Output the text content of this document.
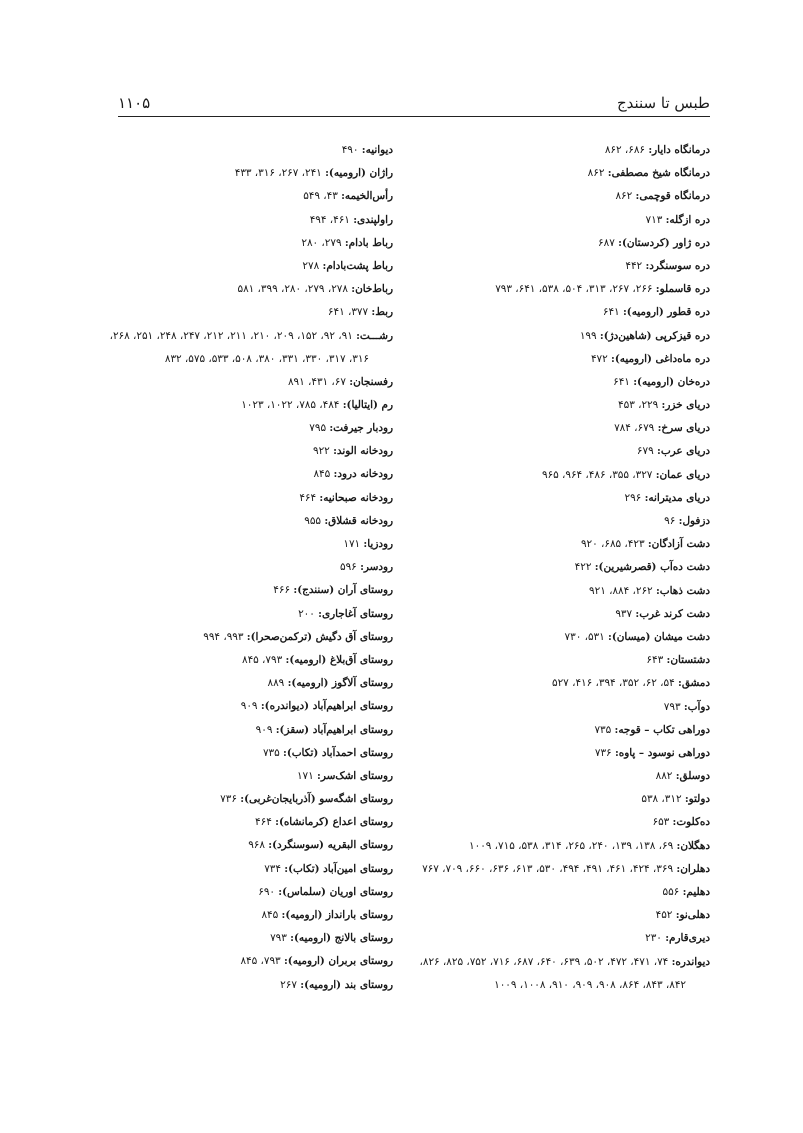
طبس تا سنندج
۱۱۰۵
درمانگاه دایار: ۶۸۶، ۸۶۲
درمانگاه شیخ مصطفی: ۸۶۲
درمانگاه قوچمی: ۸۶۲
دره ازگله: ۷۱۳
دره ژاور (کردستان): ۶۸۷
دره سوسنگرد: ۴۴۲
دره قاسملو: ۲۶۶، ۲۶۷، ۳۱۳، ۵۰۴، ۵۳۸، ۶۴۱، ۷۹۳
دره قطور (ارومیه): ۶۴۱
دره قیزکرپی (شاهین‌دژ): ۱۹۹
دره ماه‌داغی (ارومیه): ۴۷۲
دره‌خان (ارومیه): ۶۴۱
دریای خزر: ۲۲۹، ۴۵۳
دریای سرخ: ۶۷۹، ۷۸۴
دریای عرب: ۶۷۹
دریای عمان: ۳۲۷، ۳۵۵، ۴۸۶، ۹۶۴، ۹۶۵
دریای مدیترانه: ۲۹۶
دزفول: ۹۶
دشت آزادگان: ۴۲۳، ۶۸۵، ۹۲۰
دشت ده‌آب (قصرشیرین): ۴۲۲
دشت ذهاب: ۲۶۲، ۸۸۴، ۹۲۱
دشت کرند غرب: ۹۳۷
دشت میشان (میسان): ۵۳۱، ۷۳۰
دشتستان: ۶۴۳
دمشق: ۵۴، ۶۲، ۳۵۲، ۳۹۴، ۴۱۶، ۵۲۷
دوآب: ۷۹۳
دوراهی تکاب – قوجه: ۷۳۵
دوراهی نوسود – پاوه: ۷۳۶
دوسلق: ۸۸۲
دولتو: ۳۱۲، ۵۳۸
ده‌کلوت: ۶۵۳
دهگلان: ۶۹، ۱۳۸، ۱۳۹، ۲۴۰، ۲۶۵، ۳۱۴، ۵۳۸، ۷۱۵، ۱۰۰۹
دهلران: ۳۶۹، ۴۲۴، ۴۶۱، ۴۹۱، ۴۹۴، ۵۳۰، ۶۱۳، ۶۳۶، ۶۶۰، ۷۰۹، ۷۶۷
دهلیم: ۵۵۶
دهلی‌نو: ۴۵۲
دیری‌قارم: ۲۳۰
دیواندره: ۷۴، ۴۷۱، ۴۷۲، ۵۰۲، ۶۳۹، ۶۴۰، ۶۸۷، ۷۱۶، ۷۵۲، ۸۲۵، ۸۲۶،
۸۴۲، ۸۴۳، ۸۶۴، ۹۰۸، ۹۰۹، ۹۱۰، ۱۰۰۸، ۱۰۰۹
دیوانیه: ۴۹۰
راژان (ارومیه): ۲۴۱، ۲۶۷، ۳۱۶، ۴۳۳
رأس‌الخیمه: ۴۳، ۵۴۹
راولپندی: ۴۶۱، ۴۹۴
رباط بادام: ۲۷۹، ۲۸۰
رباط پشت‌بادام: ۲۷۸
رباط‌خان: ۲۷۸، ۲۷۹، ۲۸۰، ۳۹۹، ۵۸۱
ربط: ۳۷۷، ۶۴۱
رشـــت: ۹۱، ۹۲، ۱۵۲، ۲۰۹، ۲۱۰، ۲۱۱، ۲۱۲، ۲۴۷، ۲۴۸، ۲۵۱، ۲۶۸،
۳۱۶، ۳۱۷، ۳۳۰، ۳۳۱، ۳۸۰، ۵۰۸، ۵۳۳، ۵۷۵، ۸۳۲
رفسنجان: ۶۷، ۴۳۱، ۸۹۱
رم (ایتالیا): ۴۸۴، ۷۸۵، ۱۰۲۲، ۱۰۲۳
رودبار جیرفت: ۷۹۵
رودخانه الوند: ۹۲۲
رودخانه درود: ۸۴۵
رودخانه صبحانیه: ۴۶۴
رودخانه قشلاق: ۹۵۵
رودزیا: ۱۷۱
رودسر: ۵۹۶
روستای آران (سنندج): ۴۶۶
روستای آغاجاری: ۲۰۰
روستای آق دگیش (ترکمن‌صحرا): ۹۹۳، ۹۹۴
روستای آق‌بلاغ (ارومیه): ۷۹۳، ۸۴۵
روستای آلاگوز (ارومیه): ۸۸۹
روستای ابراهیم‌آباد (دیواندره): ۹۰۹
روستای ابراهیم‌آباد (سقز): ۹۰۹
روستای احمدآباد (تکاب): ۷۳۵
روستای اشک‌سر: ۱۷۱
روستای اشگه‌سو (آذربایجان‌غربی): ۷۳۶
روستای اعداع (کرمانشاه): ۴۶۴
روستای البقریه (سوسنگرد): ۹۶۸
روستای امین‌آباد (تکاب): ۷۳۴
روستای اوریان (سلماس): ۶۹۰
روستای بارانداز (ارومیه): ۸۴۵
روستای بالانج (ارومیه): ۷۹۳
روستای بربران (ارومیه): ۷۹۳، ۸۴۵
روستای بند (ارومیه): ۲۶۷
